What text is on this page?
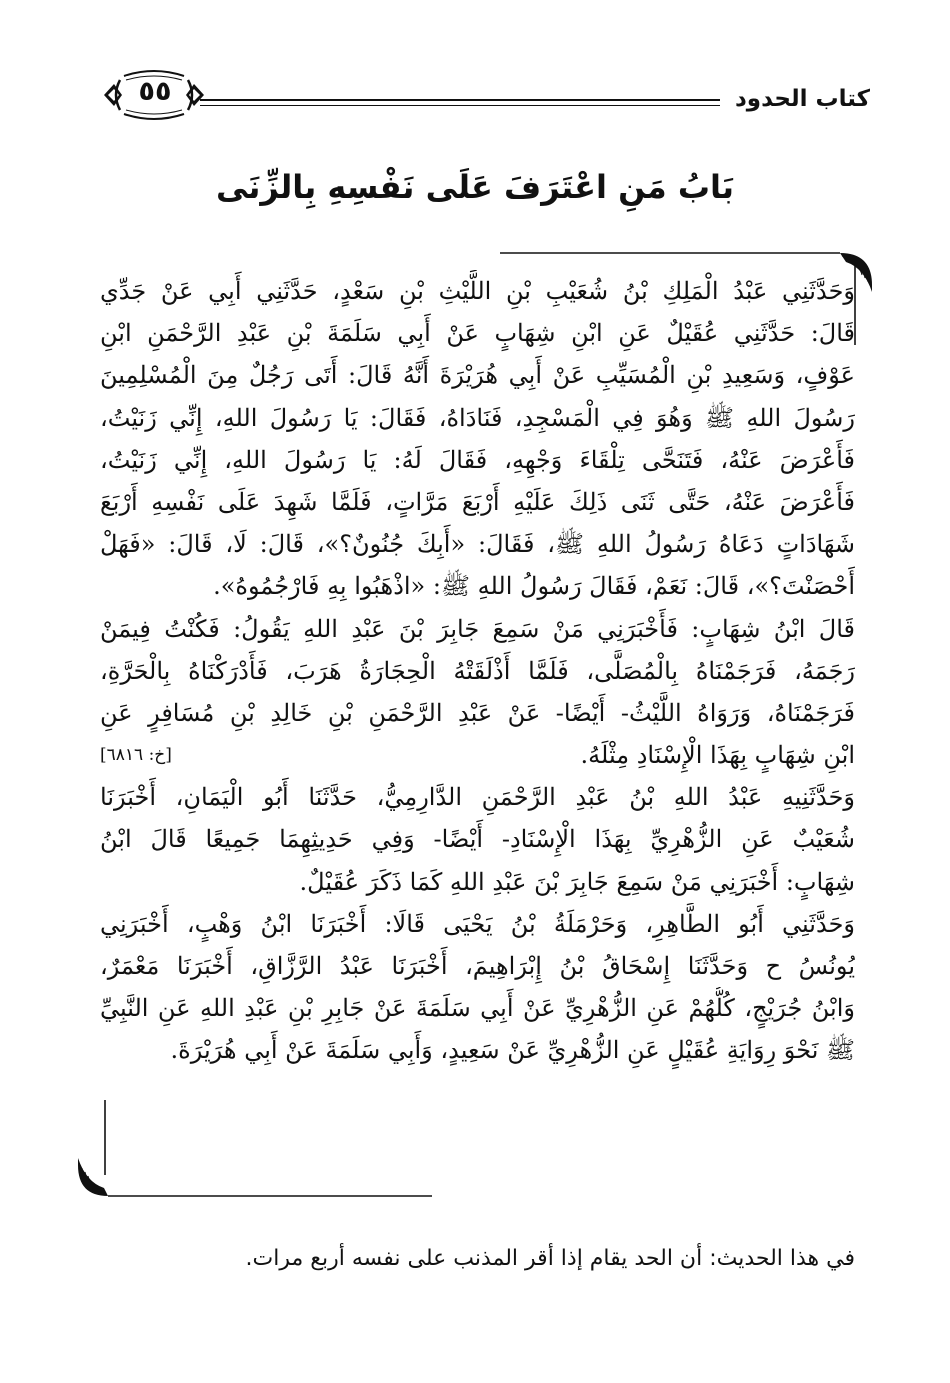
كتاب الحدود
٥٥
بَابُ مَنِ اعْتَرَفَ عَلَى نَفْسِهِ بِالزِّنَى
وَحَدَّثَنِي عَبْدُ الْمَلِكِ بْنُ شُعَيْبِ بْنِ اللَّيْثِ بْنِ سَعْدٍ، حَدَّثَنِي أَبِي عَنْ جَدِّي
قَالَ: حَدَّثَنِي عُقَيْلٌ عَنِ ابْنِ شِهَابٍ عَنْ أَبِي سَلَمَةَ بْنِ عَبْدِ الرَّحْمَنِ ابْنِ
عَوْفٍ، وَسَعِيدِ بْنِ الْمُسَيِّبِ عَنْ أَبِي هُرَيْرَةَ أَنَّهُ قَالَ: أَتَى رَجُلٌ مِنَ الْمُسْلِمِينَ
رَسُولَ اللهِ ﷺ وَهُوَ فِي الْمَسْجِدِ، فَنَادَاهُ، فَقَالَ: يَا رَسُولَ اللهِ، إِنِّي زَنَيْتُ،
فَأَعْرَضَ عَنْهُ، فَتَنَحَّى تِلْقَاءَ وَجْهِهِ، فَقَالَ لَهُ: يَا رَسُولَ اللهِ، إِنِّي زَنَيْتُ،
فَأَعْرَضَ عَنْهُ، حَتَّى ثَنَى ذَلِكَ عَلَيْهِ أَرْبَعَ مَرَّاتٍ، فَلَمَّا شَهِدَ عَلَى نَفْسِهِ أَرْبَعَ
شَهَادَاتٍ دَعَاهُ رَسُولُ اللهِ ﷺ، فَقَالَ: «أَبِكَ جُنُونٌ؟»، قَالَ: لَا، قَالَ: «فَهَلْ
أَحْصَنْتَ؟»، قَالَ: نَعَمْ، فَقَالَ رَسُولُ اللهِ ﷺ: «اذْهَبُوا بِهِ فَارْجُمُوهُ».
قَالَ ابْنُ شِهَابٍ: فَأَخْبَرَنِي مَنْ سَمِعَ جَابِرَ بْنَ عَبْدِ اللهِ يَقُولُ: فَكُنْتُ فِيمَنْ
رَجَمَهُ، فَرَجَمْنَاهُ بِالْمُصَلَّى، فَلَمَّا أَذْلَقَتْهُ الْحِجَارَةُ هَرَبَ، فَأَدْرَكْنَاهُ بِالْحَرَّةِ،
فَرَجَمْنَاهُ، وَرَوَاهُ اللَّيْثُ- أَيْضًا- عَنْ عَبْدِ الرَّحْمَنِ بْنِ خَالِدِ بْنِ مُسَافِرٍ عَنِ
ابْنِ شِهَابٍ بِهَذَا الْإِسْنَادِ مِثْلَهُ.
[خ: ٦٨١٦]
وَحَدَّثَنِيهِ عَبْدُ اللهِ بْنُ عَبْدِ الرَّحْمَنِ الدَّارِمِيُّ، حَدَّثَنَا أَبُو الْيَمَانِ، أَخْبَرَنَا
شُعَيْبٌ عَنِ الزُّهْرِيِّ بِهَذَا الْإِسْنَادِ- أَيْضًا- وَفِي حَدِيثِهِمَا جَمِيعًا قَالَ ابْنُ
شِهَابٍ: أَخْبَرَنِي مَنْ سَمِعَ جَابِرَ بْنَ عَبْدِ اللهِ كَمَا ذَكَرَ عُقَيْلٌ.
وَحَدَّثَنِي أَبُو الطَّاهِرِ، وَحَرْمَلَةُ بْنُ يَحْيَى قَالَا: أَخْبَرَنَا ابْنُ وَهْبٍ، أَخْبَرَنِي
يُونُسُ ح وَحَدَّثَنَا إِسْحَاقُ بْنُ إِبْرَاهِيمَ، أَخْبَرَنَا عَبْدُ الرَّزَّاقِ، أَخْبَرَنَا مَعْمَرٌ،
وَابْنُ جُرَيْجٍ، كُلُّهُمْ عَنِ الزُّهْرِيِّ عَنْ أَبِي سَلَمَةَ عَنْ جَابِرِ بْنِ عَبْدِ اللهِ عَنِ النَّبِيِّ
ﷺ نَحْوَ رِوَايَةِ عُقَيْلٍ عَنِ الزُّهْرِيِّ عَنْ سَعِيدٍ، وَأَبِي سَلَمَةَ عَنْ أَبِي هُرَيْرَةَ.
في هذا الحديث: أن الحد يقام إذا أقر المذنب على نفسه أربع مرات.
